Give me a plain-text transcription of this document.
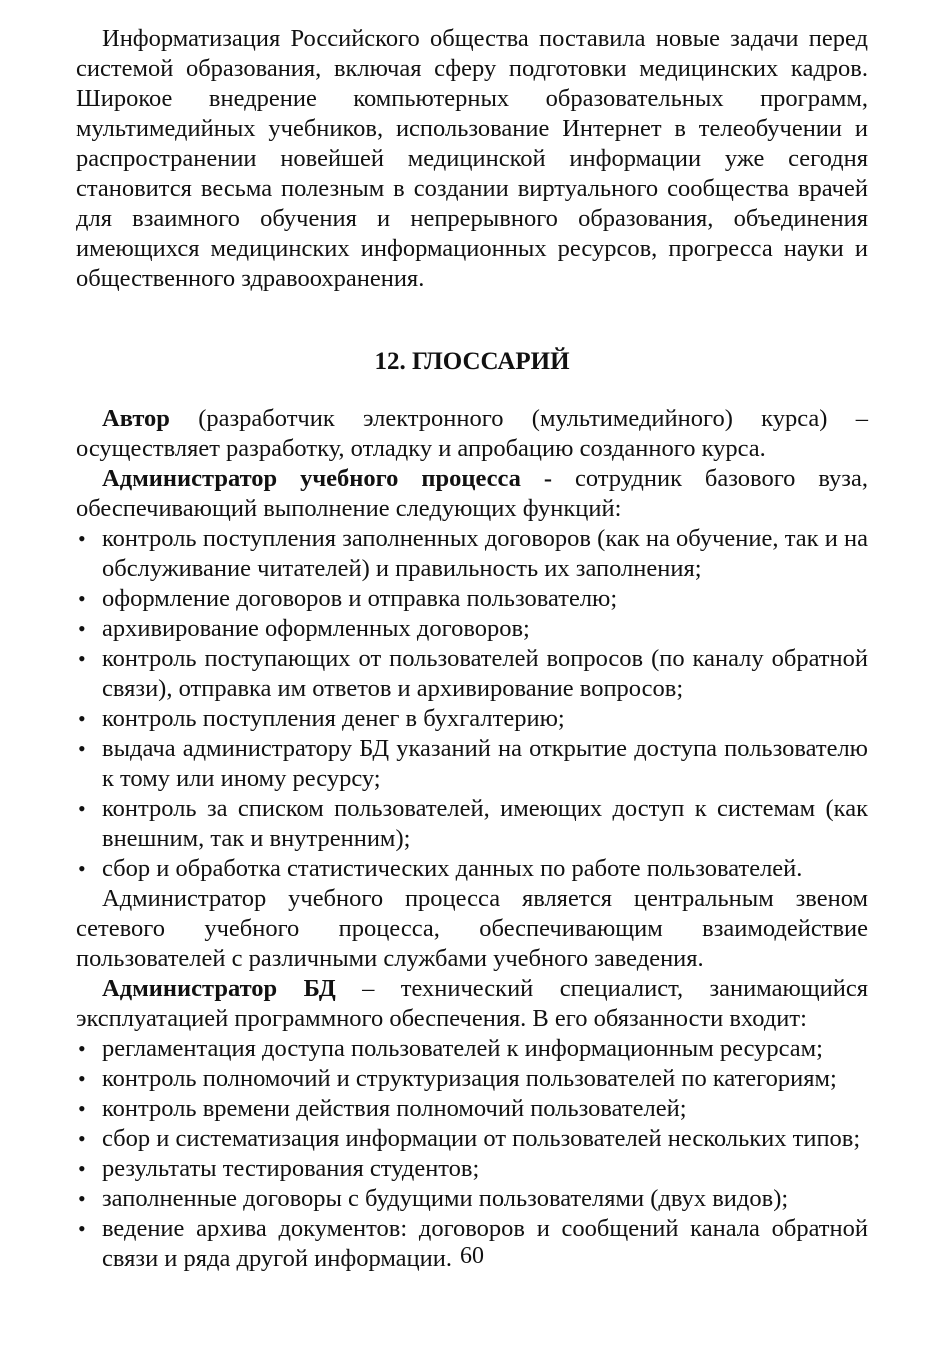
Информатизация Российского общества поставила новые задачи перед системой образования, включая сферу подготовки медицинских кадров. Широкое внедрение компьютерных образовательных программ, мультимедийных учебников, использование Интернет в телеобучении и распространении новейшей медицинской информации уже сегодня становится весьма полезным в создании виртуального сообщества врачей для взаимного обучения и непрерывного образования, объединения имеющихся медицинских информационных ресурсов, прогресса науки и общественного здравоохранения.

12. ГЛОССАРИЙ

Автор (разработчик электронного (мультимедийного) курса) – осуществляет разработку, отладку и апробацию созданного курса.

Администратор учебного процесса - сотрудник базового вуза, обеспечивающий выполнение следующих функций:

• контроль поступления заполненных договоров (как на обучение, так и на обслуживание читателей) и правильность их заполнения;
• оформление договоров и отправка пользователю;
• архивирование оформленных договоров;
• контроль поступающих от пользователей вопросов (по каналу обратной связи), отправка им ответов и архивирование вопросов;
• контроль поступления денег в бухгалтерию;
• выдача администратору БД указаний на открытие доступа пользователю к тому или иному ресурсу;
• контроль за списком пользователей, имеющих доступ к системам (как внешним, так и внутренним);
• сбор и обработка статистических данных по работе пользователей.

Администратор учебного процесса является центральным звеном сетевого учебного процесса, обеспечивающим взаимодействие пользователей с различными службами учебного заведения.

Администратор БД – технический специалист, занимающийся эксплуатацией программного обеспечения. В его обязанности входит:

• регламентация доступа пользователей к информационным ресурсам;
• контроль полномочий и структуризация пользователей по категориям;
• контроль времени действия полномочий пользователей;
• сбор и систематизация информации от пользователей нескольких типов;
• результаты тестирования студентов;
• заполненные договоры с будущими пользователями (двух видов);
• ведение архива документов: договоров и сообщений канала обратной связи и ряда другой информации. 60
